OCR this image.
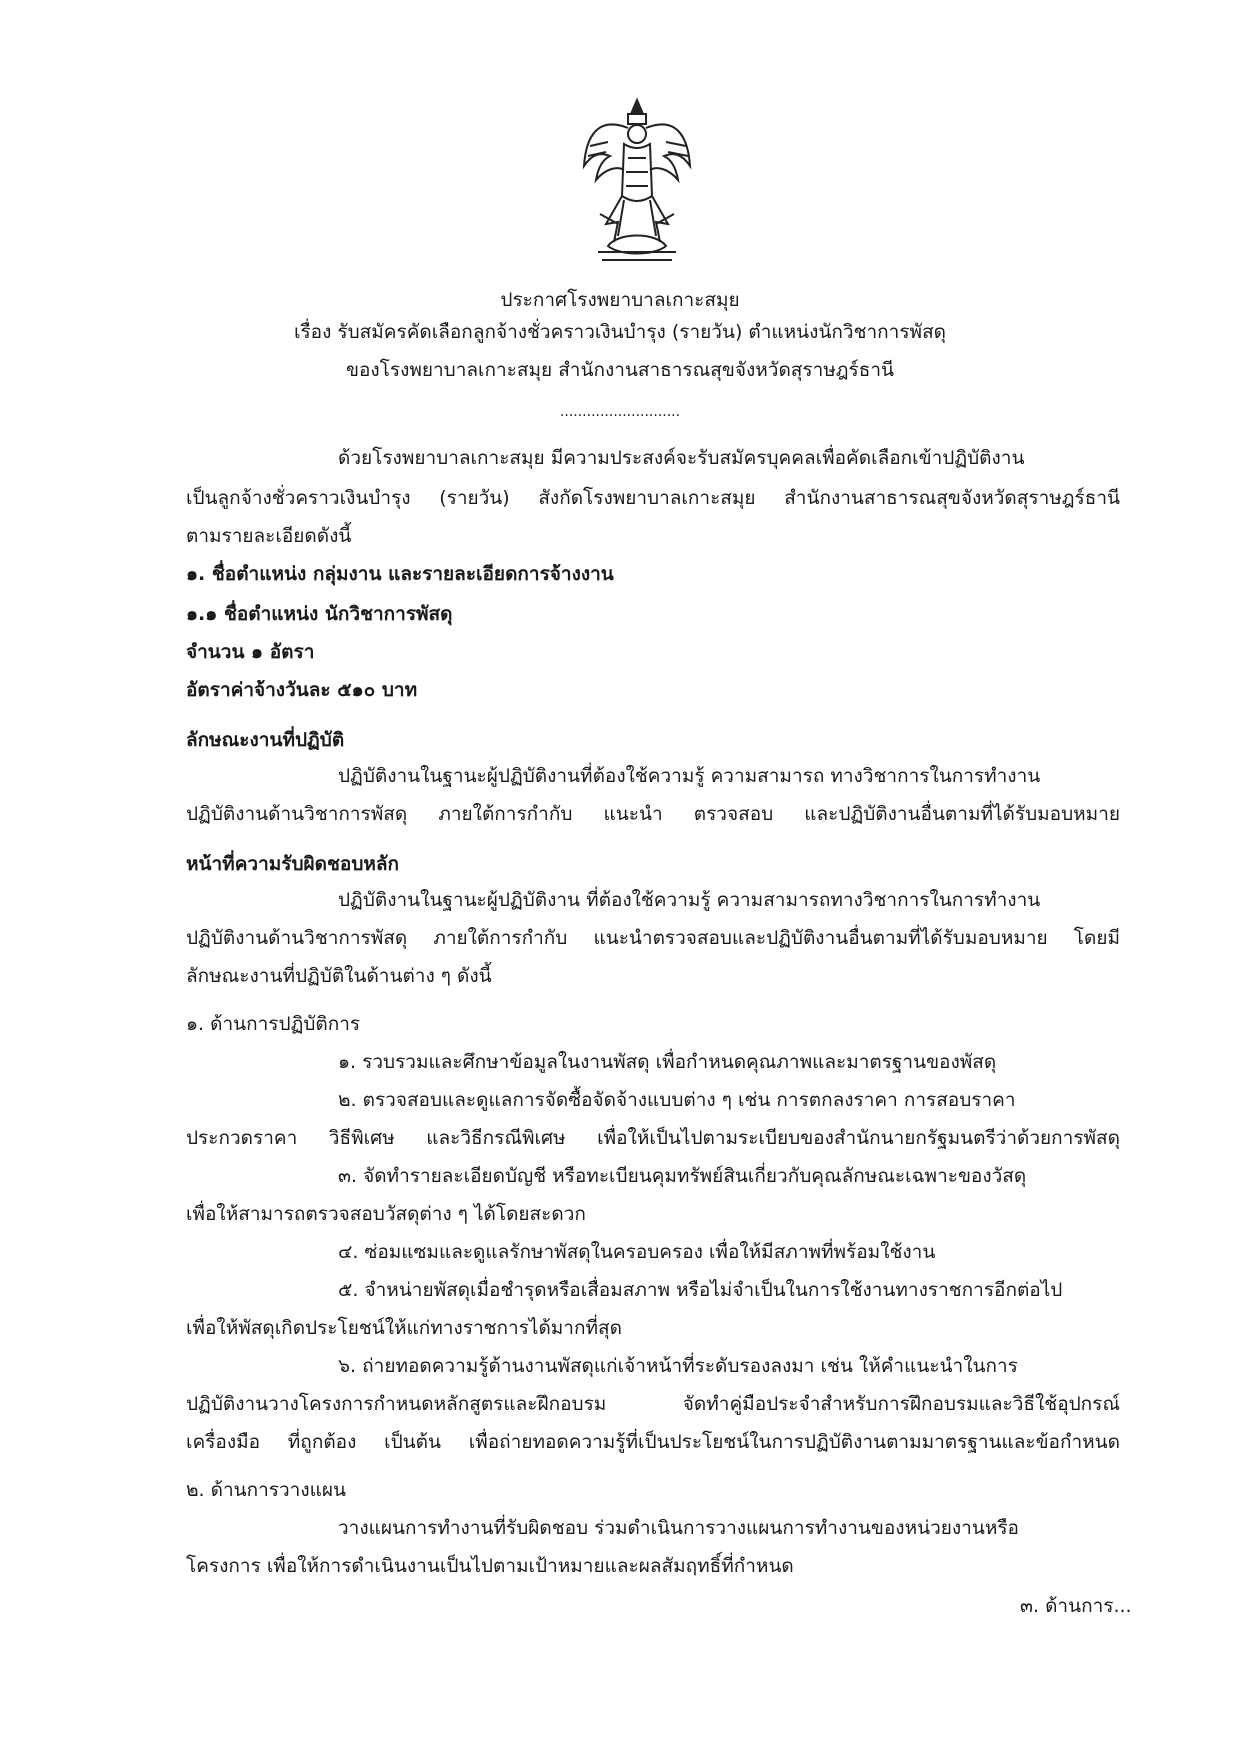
ประกาศโรงพยาบาลเกาะสมุย
เรื่อง รับสมัครคัดเลือกลูกจ้างชั่วคราวเงินบำรุง (รายวัน) ตำแหน่งนักวิชาการพัสดุ
ของโรงพยาบาลเกาะสมุย สำนักงานสาธารณสุขจังหวัดสุราษฎร์ธานี
...........................
ด้วยโรงพยาบาลเกาะสมุย มีความประสงค์จะรับสมัครบุคคลเพื่อคัดเลือกเข้าปฏิบัติงาน
เป็นลูกจ้างชั่วคราวเงินบำรุง (รายวัน) สังกัดโรงพยาบาลเกาะสมุย สำนักงานสาธารณสุขจังหวัดสุราษฎร์ธานี
ตามรายละเอียดดังนี้
๑. ชื่อตำแหน่ง กลุ่มงาน และรายละเอียดการจ้างงาน
๑.๑ ชื่อตำแหน่ง นักวิชาการพัสดุ
จำนวน ๑ อัตรา
อัตราค่าจ้างวันละ ๕๑๐ บาท
ลักษณะงานที่ปฏิบัติ
ปฏิบัติงานในฐานะผู้ปฏิบัติงานที่ต้องใช้ความรู้ ความสามารถ ทางวิชาการในการทำงาน
ปฏิบัติงานด้านวิชาการพัสดุ ภายใต้การกำกับ แนะนำ ตรวจสอบ และปฏิบัติงานอื่นตามที่ได้รับมอบหมาย
หน้าที่ความรับผิดชอบหลัก
ปฏิบัติงานในฐานะผู้ปฏิบัติงาน ที่ต้องใช้ความรู้ ความสามารถทางวิชาการในการทำงาน
ปฏิบัติงานด้านวิชาการพัสดุ ภายใต้การกำกับ แนะนำตรวจสอบและปฏิบัติงานอื่นตามที่ได้รับมอบหมาย โดยมี
ลักษณะงานที่ปฏิบัติในด้านต่าง ๆ ดังนี้
๑. ด้านการปฏิบัติการ
๑. รวบรวมและศึกษาข้อมูลในงานพัสดุ เพื่อกำหนดคุณภาพและมาตรฐานของพัสดุ
๒. ตรวจสอบและดูแลการจัดซื้อจัดจ้างแบบต่าง ๆ เช่น การตกลงราคา การสอบราคา
ประกวดราคา วิธีพิเศษ และวิธีกรณีพิเศษ เพื่อให้เป็นไปตามระเบียบของสำนักนายกรัฐมนตรีว่าด้วยการพัสดุ
๓. จัดทำรายละเอียดบัญชี หรือทะเบียนคุมทรัพย์สินเกี่ยวกับคุณลักษณะเฉพาะของวัสดุ
เพื่อให้สามารถตรวจสอบวัสดุต่าง ๆ ได้โดยสะดวก
๔. ซ่อมแซมและดูแลรักษาพัสดุในครอบครอง เพื่อให้มีสภาพที่พร้อมใช้งาน
๕. จำหน่ายพัสดุเมื่อชำรุดหรือเสื่อมสภาพ หรือไม่จำเป็นในการใช้งานทางราชการอีกต่อไป
เพื่อให้พัสดุเกิดประโยชน์ให้แก่ทางราชการได้มากที่สุด
๖. ถ่ายทอดความรู้ด้านงานพัสดุแก่เจ้าหน้าที่ระดับรองลงมา เช่น ให้คำแนะนำในการ
ปฏิบัติงานวางโครงการกำหนดหลักสูตรและฝึกอบรม จัดทำคู่มือประจำสำหรับการฝึกอบรมและวิธีใช้อุปกรณ์
เครื่องมือ ที่ถูกต้อง เป็นต้น เพื่อถ่ายทอดความรู้ที่เป็นประโยชน์ในการปฏิบัติงานตามมาตรฐานและข้อกำหนด
๒. ด้านการวางแผน
วางแผนการทำงานที่รับผิดชอบ ร่วมดำเนินการวางแผนการทำงานของหน่วยงานหรือ
โครงการ เพื่อให้การดำเนินงานเป็นไปตามเป้าหมายและผลสัมฤทธิ์ที่กำหนด
๓. ด้านการ...
